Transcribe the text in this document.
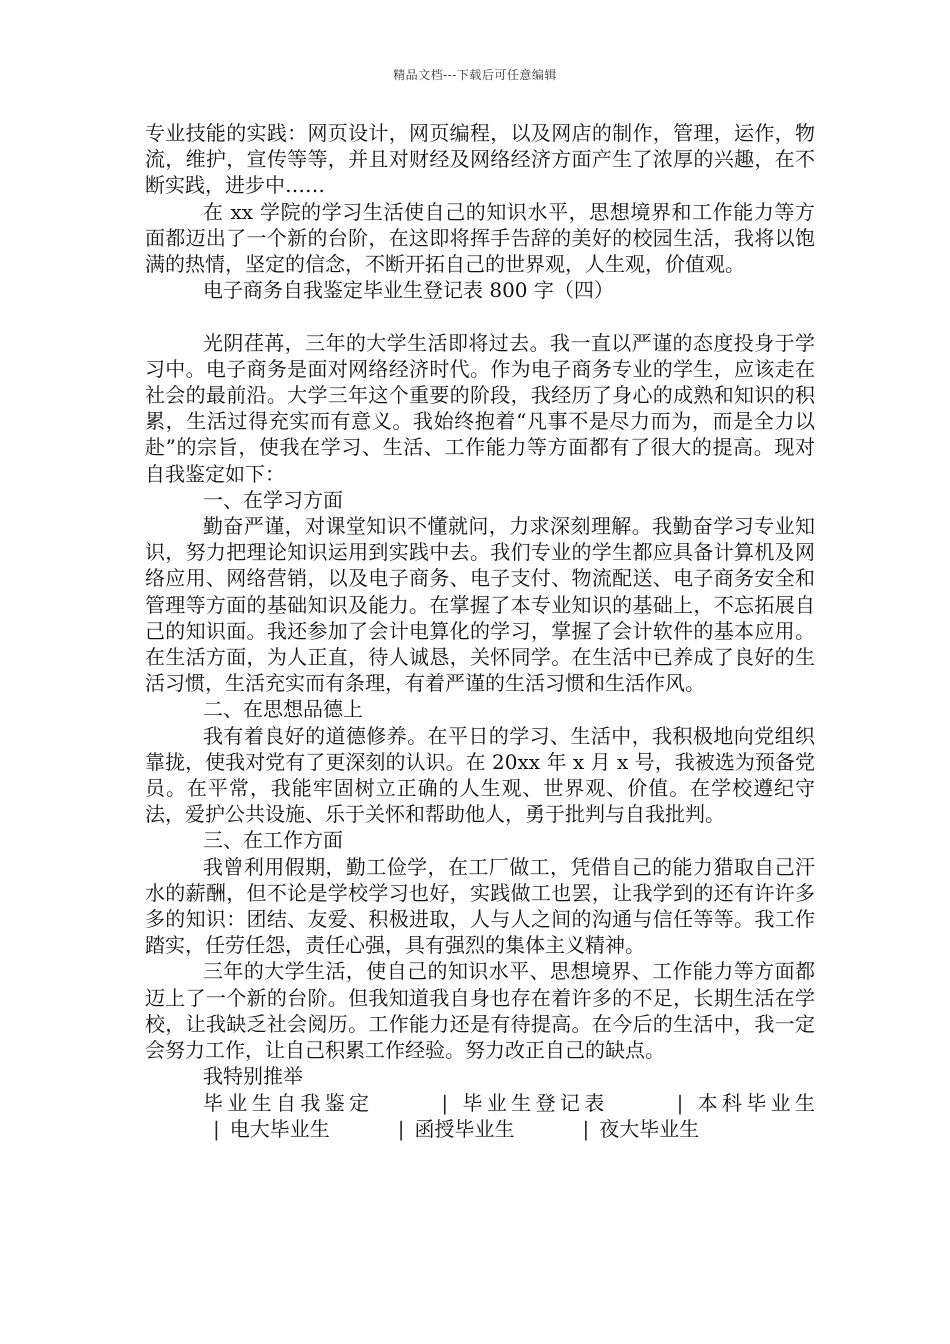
精品文档---下载后可任意编辑

专业技能的实践：网页设计，网页编程，以及网店的制作，管理，运作，物流，维护，宣传等等，并且对财经及网络经济方面产生了浓厚的兴趣，在不断实践，进步中……

在 xx 学院的学习生活使自己的知识水平，思想境界和工作能力等方面都迈出了一个新的台阶，在这即将挥手告辞的美好的校园生活，我将以饱满的热情，坚定的信念，不断开拓自己的世界观，人生观，价值观。

电子商务自我鉴定毕业生登记表 800 字（四）

光阴荏苒，三年的大学生活即将过去。我一直以严谨的态度投身于学习中。电子商务是面对网络经济时代。作为电子商务专业的学生，应该走在社会的最前沿。大学三年这个重要的阶段，我经历了身心的成熟和知识的积累，生活过得充实而有意义。我始终抱着“凡事不是尽力而为，而是全力以赴”的宗旨，使我在学习、生活、工作能力等方面都有了很大的提高。现对自我鉴定如下：

一、在学习方面

勤奋严谨，对课堂知识不懂就问，力求深刻理解。我勤奋学习专业知识，努力把理论知识运用到实践中去。我们专业的学生都应具备计算机及网络应用、网络营销，以及电子商务、电子支付、物流配送、电子商务安全和管理等方面的基础知识及能力。在掌握了本专业知识的基础上，不忘拓展自己的知识面。我还参加了会计电算化的学习，掌握了会计软件的基本应用。在生活方面，为人正直，待人诚恳，关怀同学。在生活中已养成了良好的生活习惯，生活充实而有条理，有着严谨的生活习惯和生活作风。

二、在思想品德上

我有着良好的道德修养。在平日的学习、生活中，我积极地向党组织靠拢，使我对党有了更深刻的认识。在 20xx 年 x 月 x 号，我被选为预备党员。在平常，我能牢固树立正确的人生观、世界观、价值。在学校遵纪守法，爱护公共设施、乐于关怀和帮助他人，勇于批判与自我批判。

三、在工作方面

我曾利用假期，勤工俭学，在工厂做工，凭借自己的能力猎取自己汗水的薪酬，但不论是学校学习也好，实践做工也罢，让我学到的还有许许多多的知识：团结、友爱、积极进取，人与人之间的沟通与信任等等。我工作踏实，任劳任怨，责任心强，具有强烈的集体主义精神。

三年的大学生活，使自己的知识水平、思想境界、工作能力等方面都迈上了一个新的台阶。但我知道我自身也存在着许多的不足，长期生活在学校，让我缺乏社会阅历。工作能力还是有待提高。在今后的生活中，我一定会努力工作，让自己积累工作经验。努力改正自己的缺点。

我特别推举

毕业生自我鉴定	| 毕业生登记表	| 本科毕业生| 电大毕业生	| 函授毕业生	| 夜大毕业生
